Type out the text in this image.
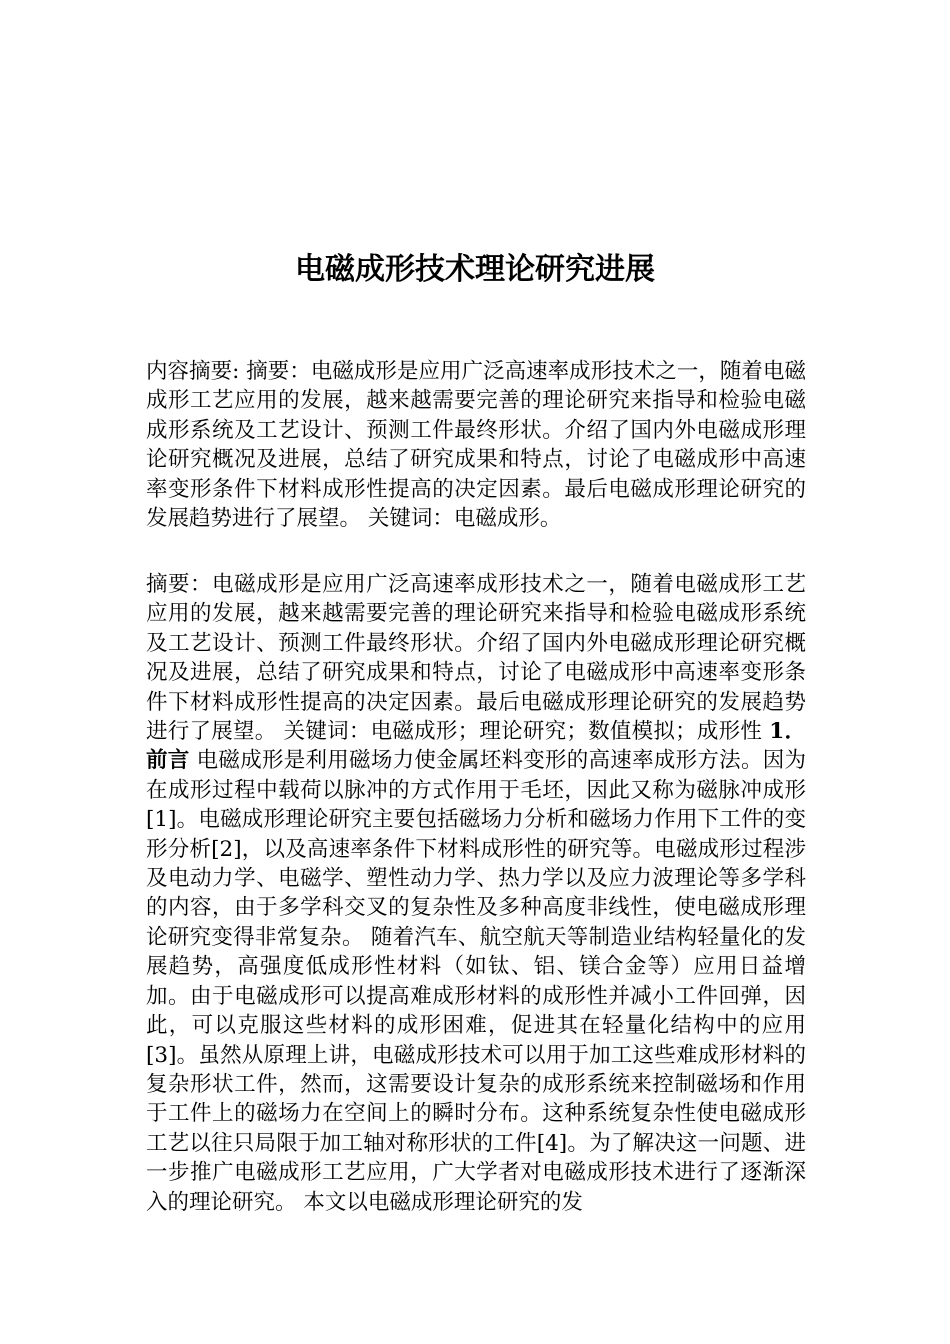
电磁成形技术理论研究进展

内容摘要: 摘要：电磁成形是应用广泛高速率成形技术之一，随着电磁成形工艺应用的发展，越来越需要完善的理论研究来指导和检验电磁成形系统及工艺设计、预测工件最终形状。介绍了国内外电磁成形理论研究概况及进展，总结了研究成果和特点，讨论了电磁成形中高速率变形条件下材料成形性提高的决定因素。最后电磁成形理论研究的发展趋势进行了展望。 关键词：电磁成形。

摘要：电磁成形是应用广泛高速率成形技术之一，随着电磁成形工艺应用的发展，越来越需要完善的理论研究来指导和检验电磁成形系统及工艺设计、预测工件最终形状。介绍了国内外电磁成形理论研究概况及进展，总结了研究成果和特点，讨论了电磁成形中高速率变形条件下材料成形性提高的决定因素。最后电磁成形理论研究的发展趋势进行了展望。 关键词：电磁成形；理论研究；数值模拟；成形性 1．前言 电磁成形是利用磁场力使金属坯料变形的高速率成形方法。因为在成形过程中载荷以脉冲的方式作用于毛坯，因此又称为磁脉冲成形[1]。电磁成形理论研究主要包括磁场力分析和磁场力作用下工件的变形分析[2]，以及高速率条件下材料成形性的研究等。电磁成形过程涉及电动力学、电磁学、塑性动力学、热力学以及应力波理论等多学科的内容，由于多学科交叉的复杂性及多种高度非线性，使电磁成形理论研究变得非常复杂。 随着汽车、航空航天等制造业结构轻量化的发展趋势，高强度低成形性材料（如钛、铝、镁合金等）应用日益增加。由于电磁成形可以提高难成形材料的成形性并减小工件回弹，因此，可以克服这些材料的成形困难，促进其在轻量化结构中的应用[3]。虽然从原理上讲，电磁成形技术可以用于加工这些难成形材料的复杂形状工件，然而，这需要设计复杂的成形系统来控制磁场和作用于工件上的磁场力在空间上的瞬时分布。这种系统复杂性使电磁成形工艺以往只局限于加工轴对称形状的工件[4]。为了解决这一问题、进一步推广电磁成形工艺应用，广大学者对电磁成形技术进行了逐渐深入的理论研究。 本文以电磁成形理论研究的发
